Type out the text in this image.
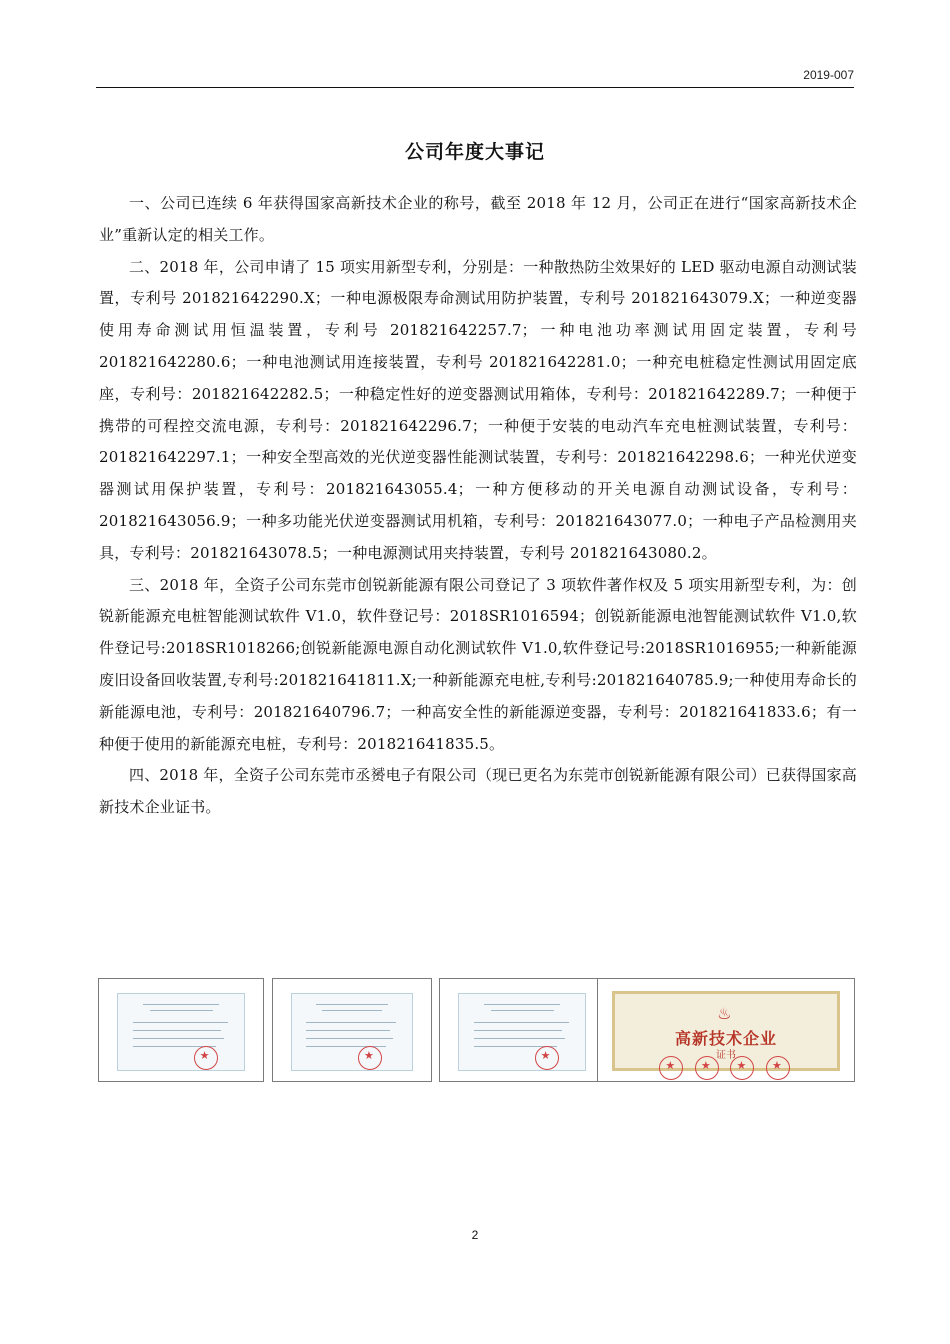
2019-007
公司年度大事记

一、公司已连续 6 年获得国家高新技术企业的称号，截至 2018 年 12 月，公司正在进行“国家高新技术企业”重新认定的相关工作。

二、2018 年，公司申请了 15 项实用新型专利，分别是：一种散热防尘效果好的 LED 驱动电源自动测试装置，专利号 201821642290.X；一种电源极限寿命测试用防护装置，专利号 201821643079.X；一种逆变器使用寿命测试用恒温装置，专利号 201821642257.7；一种电池功率测试用固定装置，专利号 201821642280.6；一种电池测试用连接装置，专利号 201821642281.0；一种充电桩稳定性测试用固定底座，专利号：201821642282.5；一种稳定性好的逆变器测试用箱体，专利号：201821642289.7；一种便于携带的可程控交流电源，专利号：201821642296.7；一种便于安装的电动汽车充电桩测试装置，专利号：201821642297.1；一种安全型高效的光伏逆变器性能测试装置，专利号：201821642298.6；一种光伏逆变器测试用保护装置，专利号：201821643055.4；一种方便移动的开关电源自动测试设备，专利号：201821643056.9；一种多功能光伏逆变器测试用机箱，专利号：201821643077.0；一种电子产品检测用夹具，专利号：201821643078.5；一种电源测试用夹持装置，专利号 201821643080.2。

三、2018 年，全资子公司东莞市创锐新能源有限公司登记了 3 项软件著作权及 5 项实用新型专利，为：创锐新能源充电桩智能测试软件 V1.0，软件登记号：2018SR1016594；创锐新能源电池智能测试软件 V1.0,软件登记号:2018SR1018266;创锐新能源电源自动化测试软件 V1.0,软件登记号:2018SR1016955;一种新能源废旧设备回收装置,专利号:201821641811.X;一种新能源充电桩,专利号:201821640785.9;一种使用寿命长的新能源电池，专利号：201821640796.7；一种高安全性的新能源逆变器，专利号：201821641833.6；有一种便于使用的新能源充电桩，专利号：201821641835.5。

四、2018 年，全资子公司东莞市丞赟电子有限公司（现已更名为东莞市创锐新能源有限公司）已获得国家高新技术企业证书。

★
★
★
♨
高新技术企业
证书
★
★
★
★
2
